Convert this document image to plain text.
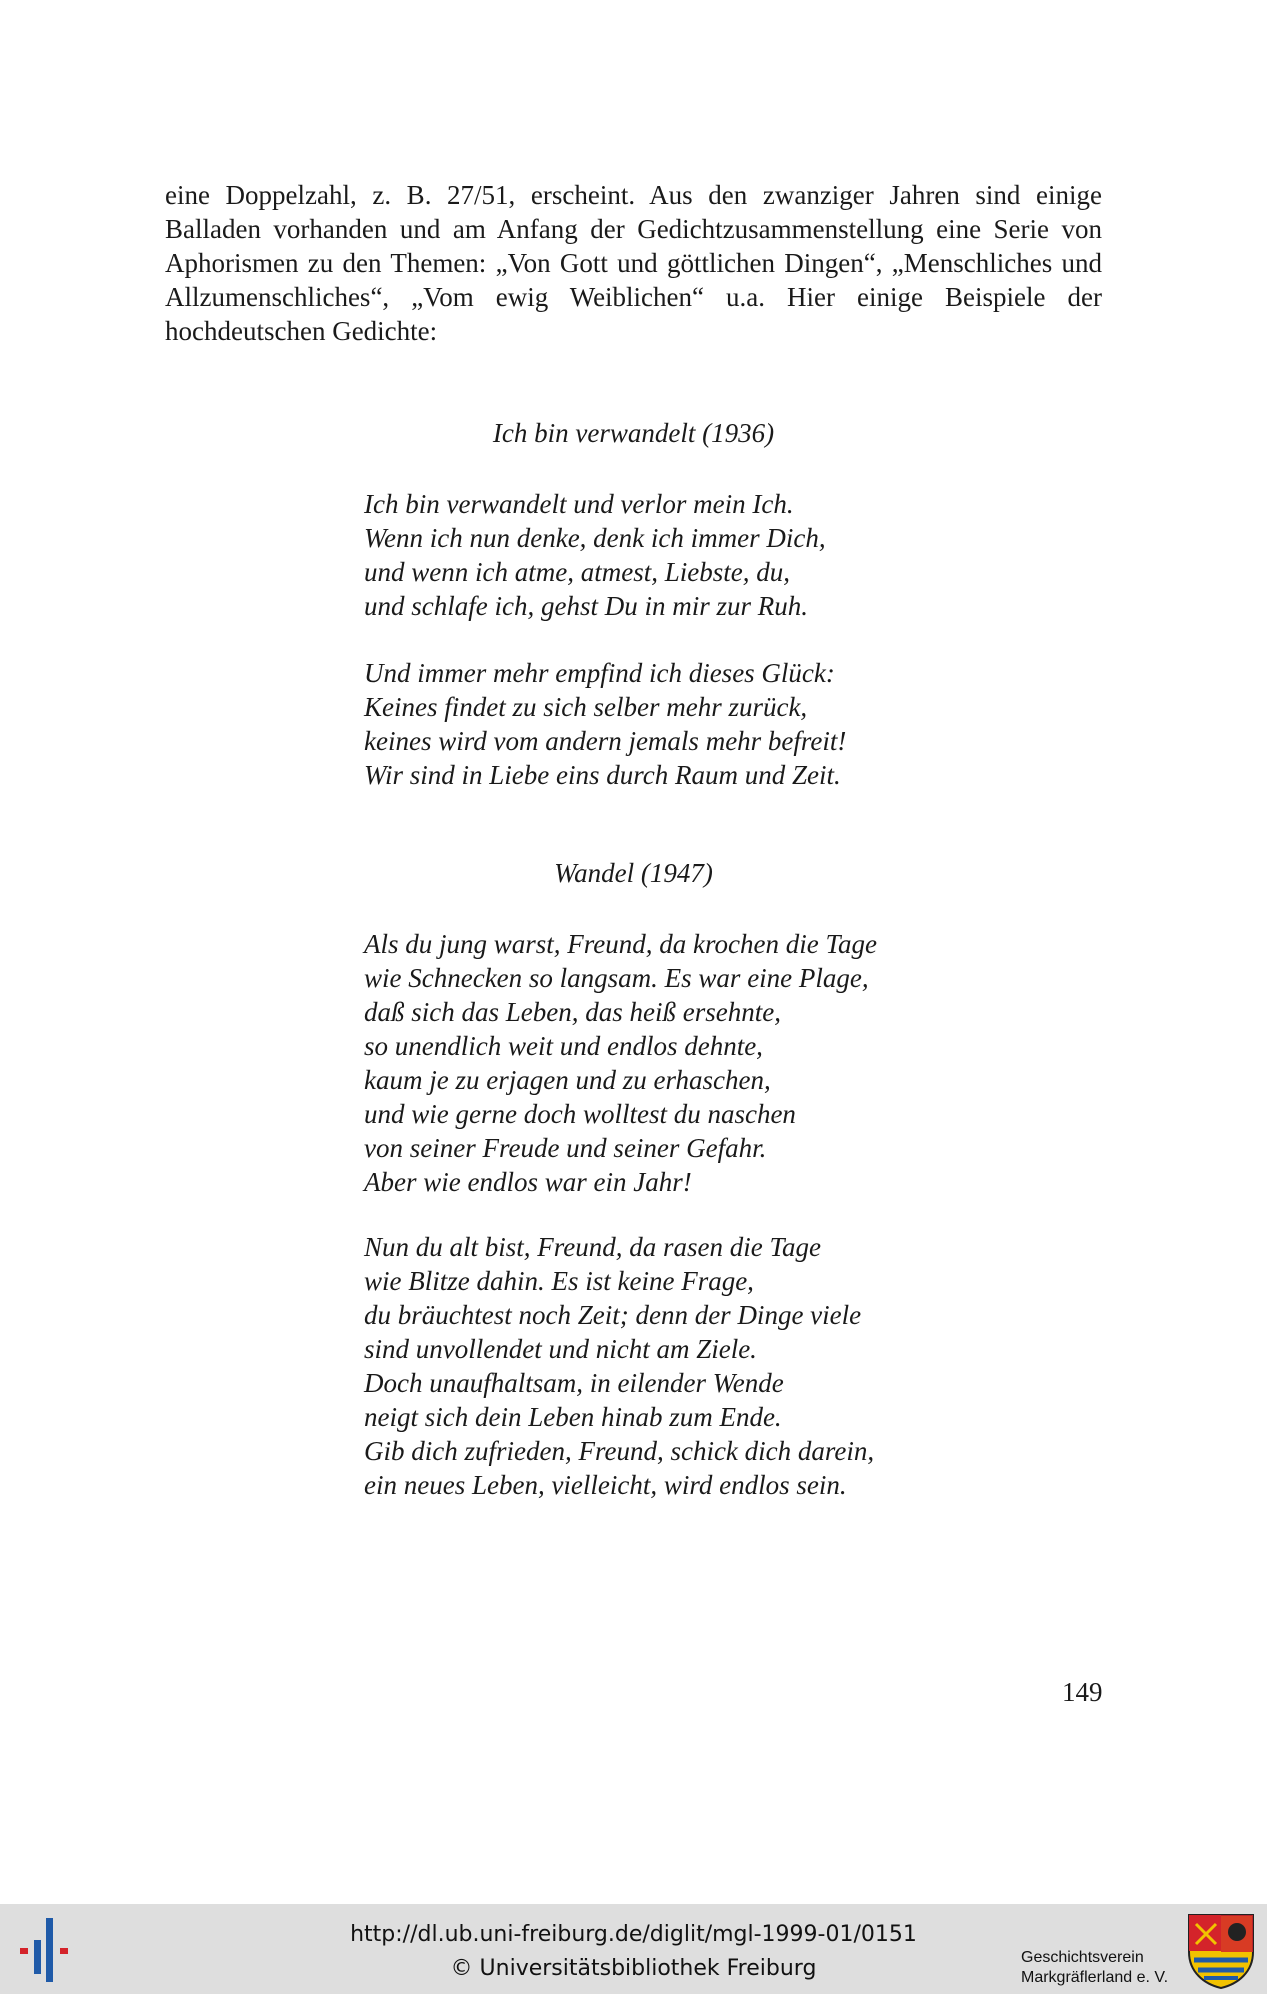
eine Doppelzahl, z. B. 27/51, erscheint. Aus den zwanziger Jahren sind einige Balladen vorhanden und am Anfang der Gedichtzusammenstellung eine Serie von Aphorismen zu den Themen: „Von Gott und göttlichen Dingen“, „Menschliches und Allzumenschliches“, „Vom ewig Weiblichen“ u.a. Hier einige Beispiele der hochdeutschen Gedichte:

Ich bin verwandelt (1936)

Ich bin verwandelt und verlor mein Ich.
Wenn ich nun denke, denk ich immer Dich,
und wenn ich atme, atmest, Liebste, du,
und schlafe ich, gehst Du in mir zur Ruh.
Und immer mehr empfind ich dieses Glück:
Keines findet zu sich selber mehr zurück,
keines wird vom andern jemals mehr befreit!
Wir sind in Liebe eins durch Raum und Zeit.

Wandel (1947)

Als du jung warst, Freund, da krochen die Tage
wie Schnecken so langsam. Es war eine Plage,
daß sich das Leben, das heiß ersehnte,
so unendlich weit und endlos dehnte,
kaum je zu erjagen und zu erhaschen,
und wie gerne doch wolltest du naschen
von seiner Freude und seiner Gefahr.
Aber wie endlos war ein Jahr!
Nun du alt bist, Freund, da rasen die Tage
wie Blitze dahin. Es ist keine Frage,
du bräuchtest noch Zeit; denn der Dinge viele
sind unvollendet und nicht am Ziele.
Doch unaufhaltsam, in eilender Wende
neigt sich dein Leben hinab zum Ende.
Gib dich zufrieden, Freund, schick dich darein,
ein neues Leben, vielleicht, wird endlos sein.

149

http://dl.ub.uni-freiburg.de/diglit/mgl-1999-01/0151
© Universitätsbibliothek Freiburg	Geschichtsverein
Markgräflerland e. V.
